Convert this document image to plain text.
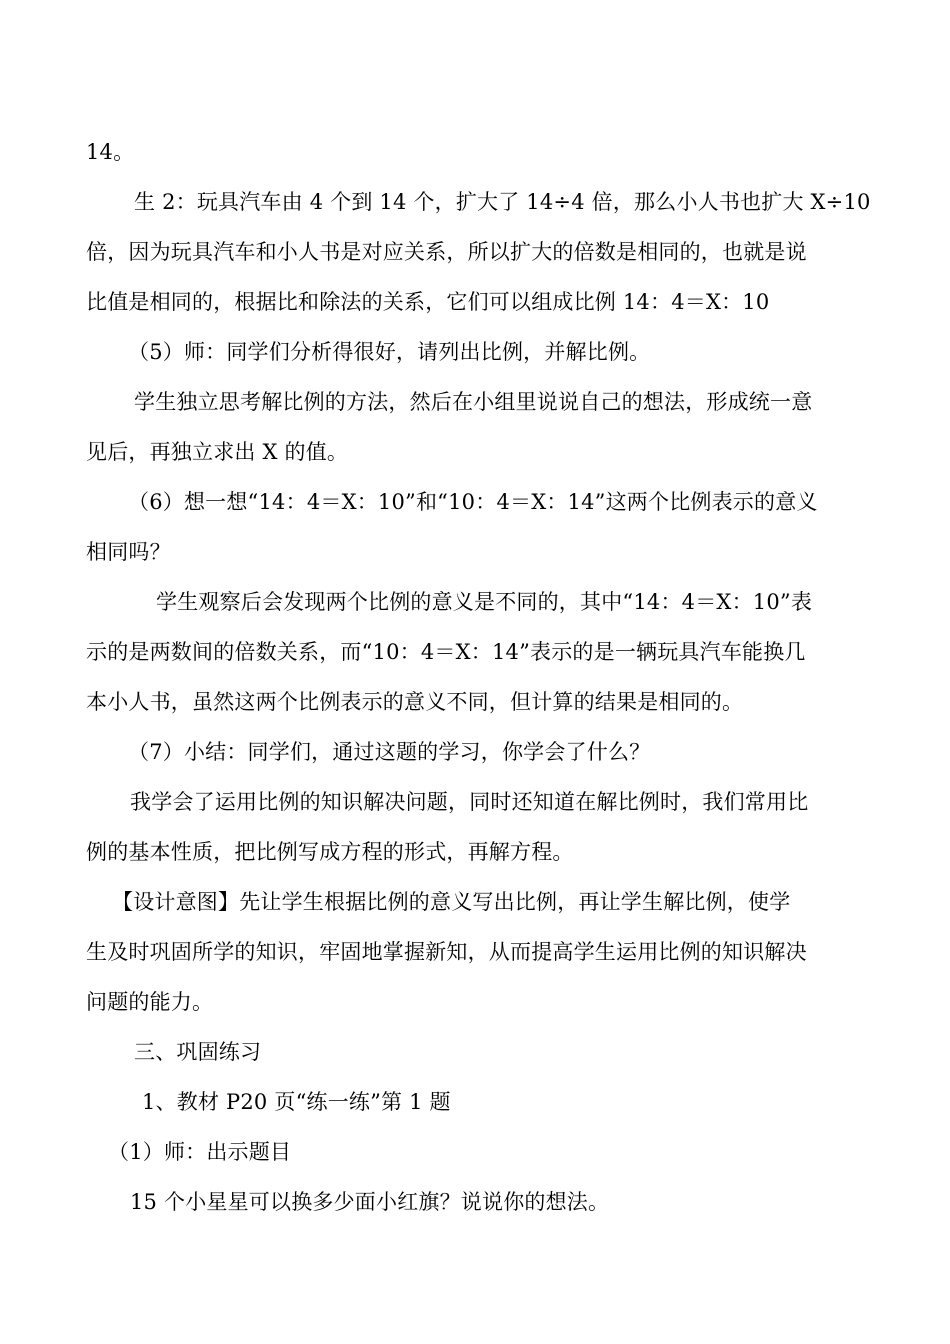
14。
生 2：玩具汽车由 4 个到 14 个，扩大了 14÷4 倍，那么小人书也扩大 X÷10
倍，因为玩具汽车和小人书是对应关系，所以扩大的倍数是相同的，也就是说
比值是相同的，根据比和除法的关系，它们可以组成比例 14：4＝X：10
（5）师：同学们分析得很好，请列出比例，并解比例。
学生独立思考解比例的方法，然后在小组里说说自己的想法，形成统一意
见后，再独立求出 X 的值。
（6）想一想“14：4＝X：10”和“10：4＝X：14”这两个比例表示的意义
相同吗？
学生观察后会发现两个比例的意义是不同的，其中“14：4＝X：10”表
示的是两数间的倍数关系，而“10：4＝X：14”表示的是一辆玩具汽车能换几
本小人书，虽然这两个比例表示的意义不同，但计算的结果是相同的。
（7）小结：同学们，通过这题的学习，你学会了什么？
我学会了运用比例的知识解决问题，同时还知道在解比例时，我们常用比
例的基本性质，把比例写成方程的形式，再解方程。
【设计意图】先让学生根据比例的意义写出比例，再让学生解比例，使学
生及时巩固所学的知识，牢固地掌握新知，从而提高学生运用比例的知识解决
问题的能力。
三、巩固练习
1、教材 P20 页“练一练”第 1 题
（1）师：出示题目
15 个小星星可以换多少面小红旗？说说你的想法。
